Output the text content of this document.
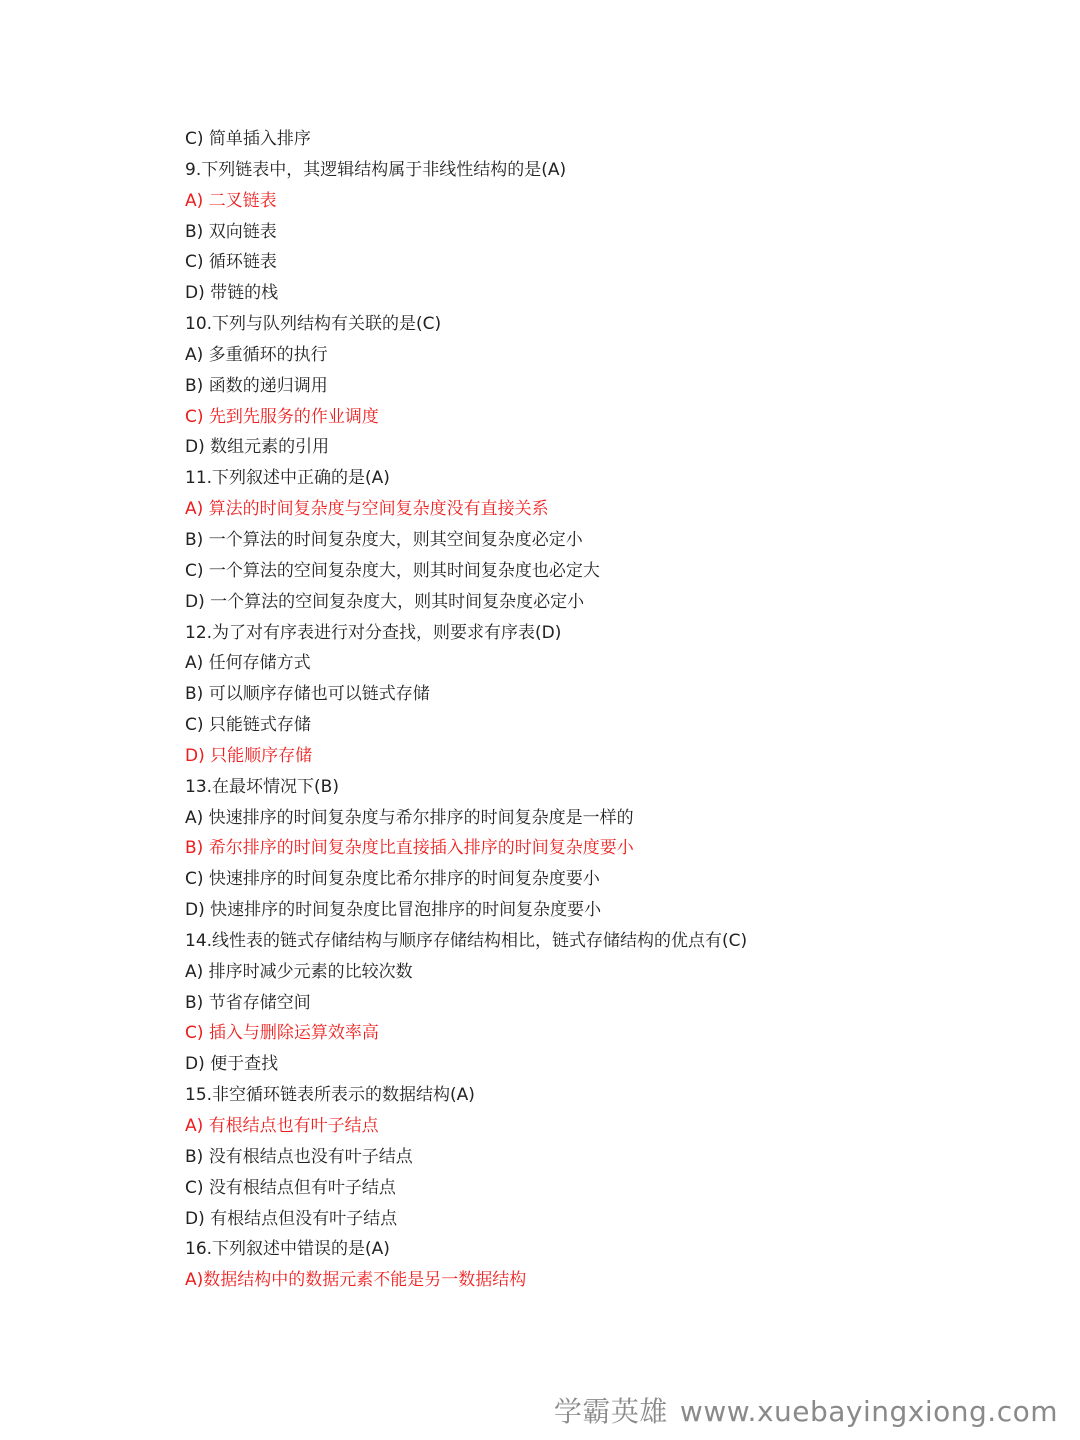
C) 简单插入排序
9.下列链表中，其逻辑结构属于非线性结构的是(A)
A) 二叉链表
B) 双向链表
C) 循环链表
D) 带链的栈
10.下列与队列结构有关联的是(C)
A) 多重循环的执行
B) 函数的递归调用
C) 先到先服务的作业调度
D) 数组元素的引用
11.下列叙述中正确的是(A)
A) 算法的时间复杂度与空间复杂度没有直接关系
B) 一个算法的时间复杂度大，则其空间复杂度必定小
C) 一个算法的空间复杂度大，则其时间复杂度也必定大
D) 一个算法的空间复杂度大，则其时间复杂度必定小
12.为了对有序表进行对分查找，则要求有序表(D)
A) 任何存储方式
B) 可以顺序存储也可以链式存储
C) 只能链式存储
D) 只能顺序存储
13.在最坏情况下(B)
A) 快速排序的时间复杂度与希尔排序的时间复杂度是一样的
B) 希尔排序的时间复杂度比直接插入排序的时间复杂度要小
C) 快速排序的时间复杂度比希尔排序的时间复杂度要小
D) 快速排序的时间复杂度比冒泡排序的时间复杂度要小
14.线性表的链式存储结构与顺序存储结构相比，链式存储结构的优点有(C)
A) 排序时减少元素的比较次数
B) 节省存储空间
C) 插入与删除运算效率高
D) 便于查找
15.非空循环链表所表示的数据结构(A)
A) 有根结点也有叶子结点
B) 没有根结点也没有叶子结点
C) 没有根结点但有叶子结点
D) 有根结点但没有叶子结点
16.下列叙述中错误的是(A)
A)数据结构中的数据元素不能是另一数据结构
学霸英雄 www.xuebayingxiong.com
